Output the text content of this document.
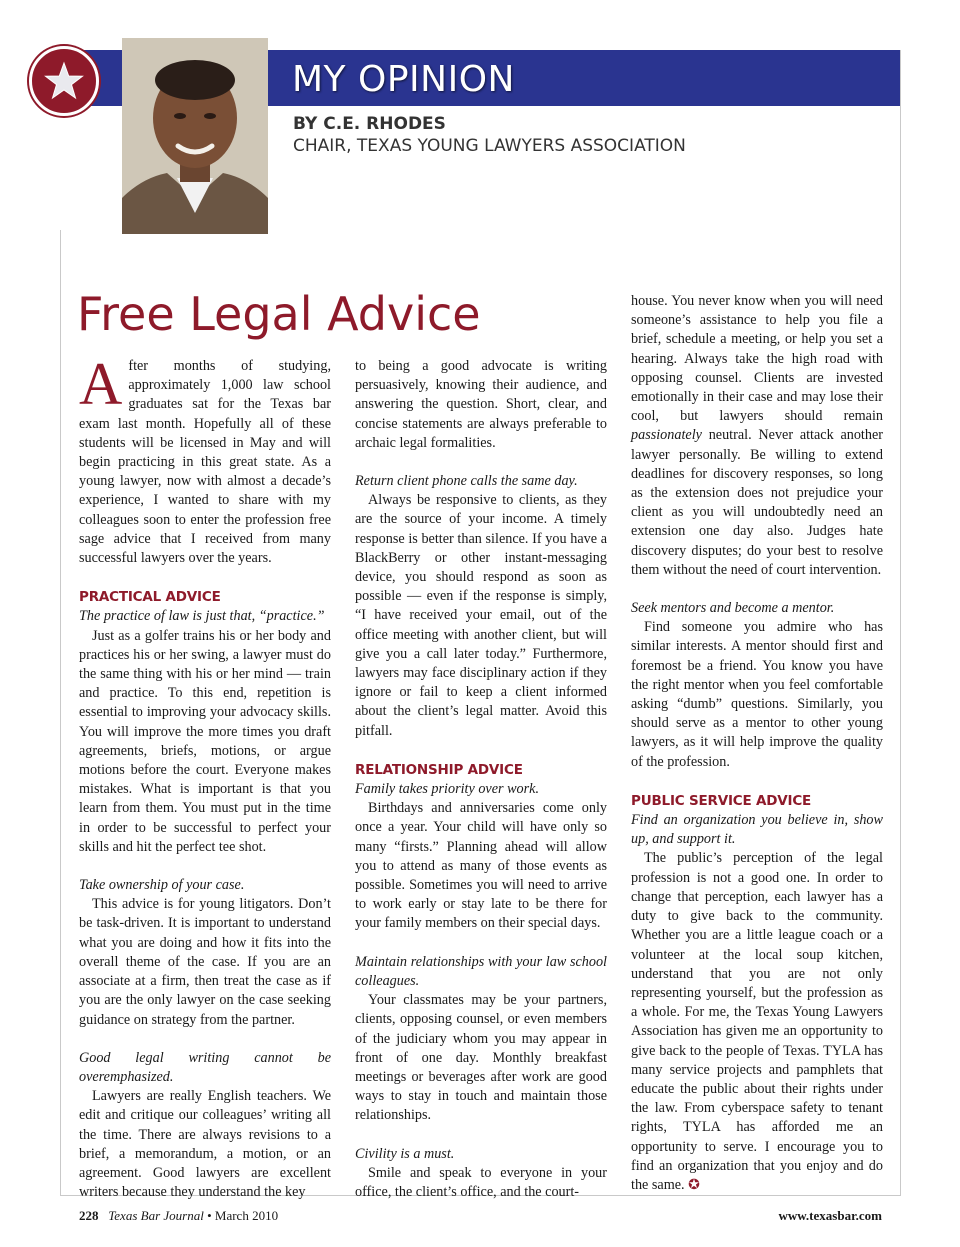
MY OPINION
BY C.E. RHODES
CHAIR, TEXAS YOUNG LAWYERS ASSOCIATION
Free Legal Advice

After months of studying, approximately 1,000 law school graduates sat for the Texas bar exam last month. Hopefully all of these students will be licensed in May and will begin practicing in this great state. As a young lawyer, now with almost a decade’s experience, I wanted to share with my colleagues soon to enter the profession free sage advice that I received from many successful lawyers over the years.

PRACTICAL ADVICE

The practice of law is just that, “practice.”

Just as a golfer trains his or her body and practices his or her swing, a lawyer must do the same thing with his or her mind — train and practice. To this end, repetition is essential to improving your advocacy skills. You will improve the more times you draft agreements, briefs, motions, or argue motions before the court. Everyone makes mistakes. What is important is that you learn from them. You must put in the time in order to be successful to perfect your skills and hit the perfect tee shot.

Take ownership of your case.

This advice is for young litigators. Don’t be task-driven. It is important to understand what you are doing and how it fits into the overall theme of the case. If you are an associate at a firm, then treat the case as if you are the only lawyer on the case seeking guidance on strategy from the partner.

Good legal writing cannot be overemphasized.

Lawyers are really English teachers. We edit and critique our colleagues’ writing all the time. There are always revisions to a brief, a memorandum, a motion, or an agreement. Good lawyers are excellent writers because they understand the key

to being a good advocate is writing persuasively, knowing their audience, and answering the question. Short, clear, and concise statements are always preferable to archaic legal formalities.

Return client phone calls the same day.

Always be responsive to clients, as they are the source of your income. A timely response is better than silence. If you have a BlackBerry or other instant-messaging device, you should respond as soon as possible — even if the response is simply, “I have received your email, out of the office meeting with another client, but will give you a call later today.” Furthermore, lawyers may face disciplinary action if they ignore or fail to keep a client informed about the client’s legal matter. Avoid this pitfall.

RELATIONSHIP ADVICE

Family takes priority over work.

Birthdays and anniversaries come only once a year. Your child will have only so many “firsts.” Planning ahead will allow you to attend as many of those events as possible. Sometimes you will need to arrive to work early or stay late to be there for your family members on their special days.

Maintain relationships with your law school colleagues.

Your classmates may be your partners, clients, opposing counsel, or even members of the judiciary whom you may appear in front of one day. Monthly breakfast meetings or beverages after work are good ways to stay in touch and maintain those relationships.

Civility is a must.

Smile and speak to everyone in your office, the client’s office, and the court-

house. You never know when you will need someone’s assistance to help you file a brief, schedule a meeting, or help you set a hearing. Always take the high road with opposing counsel. Clients are invested emotionally in their case and may lose their cool, but lawyers should remain passionately neutral. Never attack another lawyer personally. Be willing to extend deadlines for discovery responses, so long as the extension does not prejudice your client as you will undoubtedly need an extension one day also. Judges hate discovery disputes; do your best to resolve them without the need of court intervention.

Seek mentors and become a mentor.

Find someone you admire who has similar interests. A mentor should first and foremost be a friend. You know you have the right mentor when you feel comfortable asking “dumb” questions. Similarly, you should serve as a mentor to other young lawyers, as it will help improve the quality of the profession.

PUBLIC SERVICE ADVICE

Find an organization you believe in, show up, and support it.

The public’s perception of the legal profession is not a good one. In order to change that perception, each lawyer has a duty to give back to the community. Whether you are a little league coach or a volunteer at the local soup kitchen, understand that you are not only representing yourself, but the profession as a whole. For me, the Texas Young Lawyers Association has given me an opportunity to give back to the people of Texas. TYLA has many service projects and pamphlets that educate the public about their rights under the law. From cyberspace safety to tenant rights, TYLA has afforded me an opportunity to serve. I encourage you to find an organization that you enjoy and do the same. ✪

228 Texas Bar Journal • March 2010	www.texasbar.com
